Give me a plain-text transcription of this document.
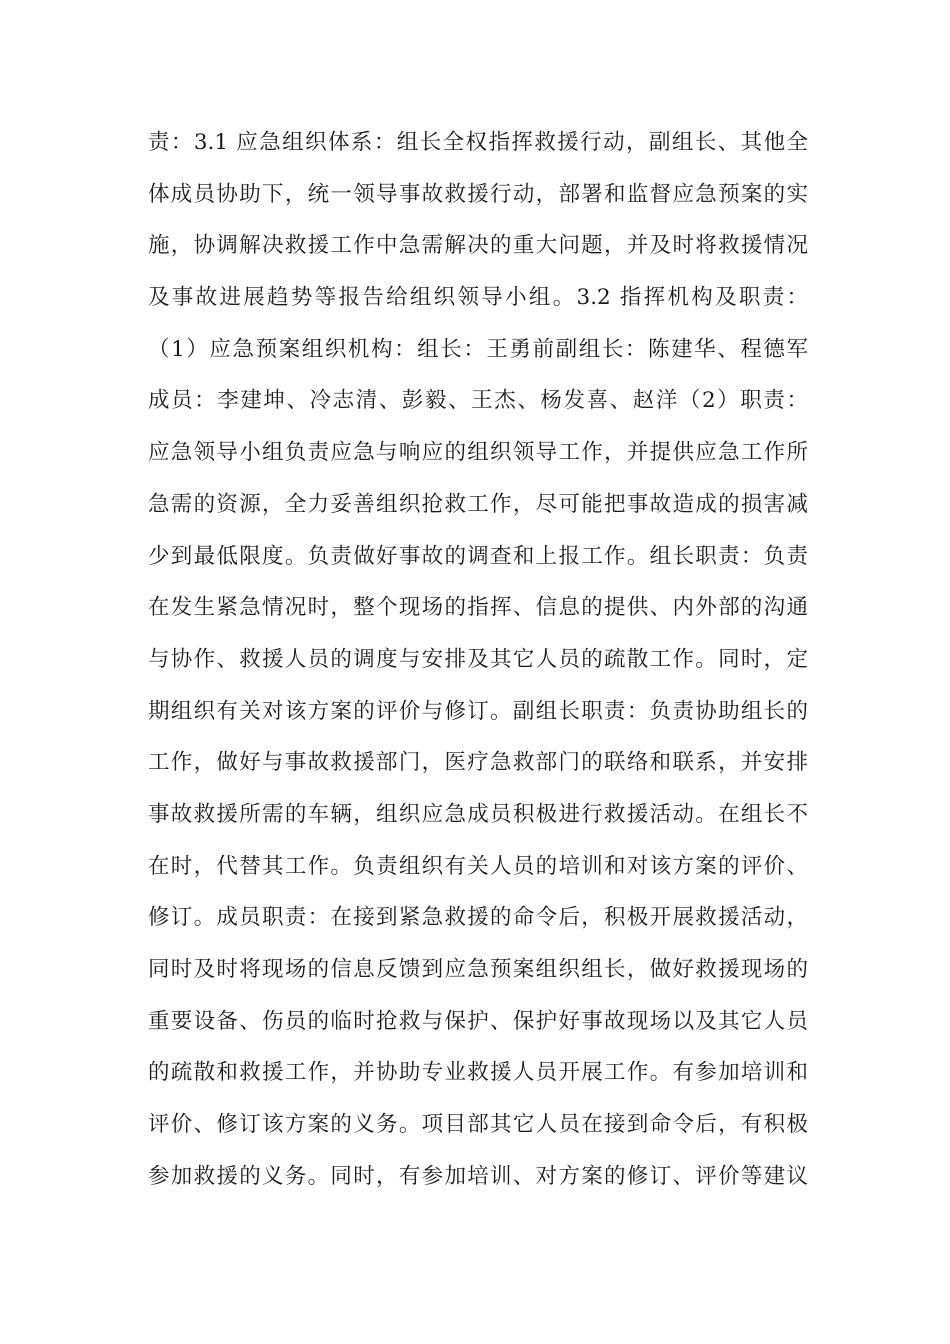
责：3.1 应急组织体系：组长全权指挥救援行动，副组长、其他全
体成员协助下，统一领导事故救援行动，部署和监督应急预案的实
施，协调解决救援工作中急需解决的重大问题，并及时将救援情况
及事故进展趋势等报告给组织领导小组。3.2 指挥机构及职责：
（1）应急预案组织机构：组长：王勇前副组长：陈建华、程德军
成员：李建坤、冷志清、彭毅、王杰、杨发喜、赵洋（2）职责：
应急领导小组负责应急与响应的组织领导工作，并提供应急工作所
急需的资源，全力妥善组织抢救工作，尽可能把事故造成的损害减
少到最低限度。负责做好事故的调查和上报工作。组长职责：负责
在发生紧急情况时，整个现场的指挥、信息的提供、内外部的沟通
与协作、救援人员的调度与安排及其它人员的疏散工作。同时，定
期组织有关对该方案的评价与修订。副组长职责：负责协助组长的
工作，做好与事故救援部门，医疗急救部门的联络和联系，并安排
事故救援所需的车辆，组织应急成员积极进行救援活动。在组长不
在时，代替其工作。负责组织有关人员的培训和对该方案的评价、
修订。成员职责：在接到紧急救援的命令后，积极开展救援活动，
同时及时将现场的信息反馈到应急预案组织组长，做好救援现场的
重要设备、伤员的临时抢救与保护、保护好事故现场以及其它人员
的疏散和救援工作，并协助专业救援人员开展工作。有参加培训和
评价、修订该方案的义务。项目部其它人员在接到命令后，有积极
参加救援的义务。同时，有参加培训、对方案的修订、评价等建议
